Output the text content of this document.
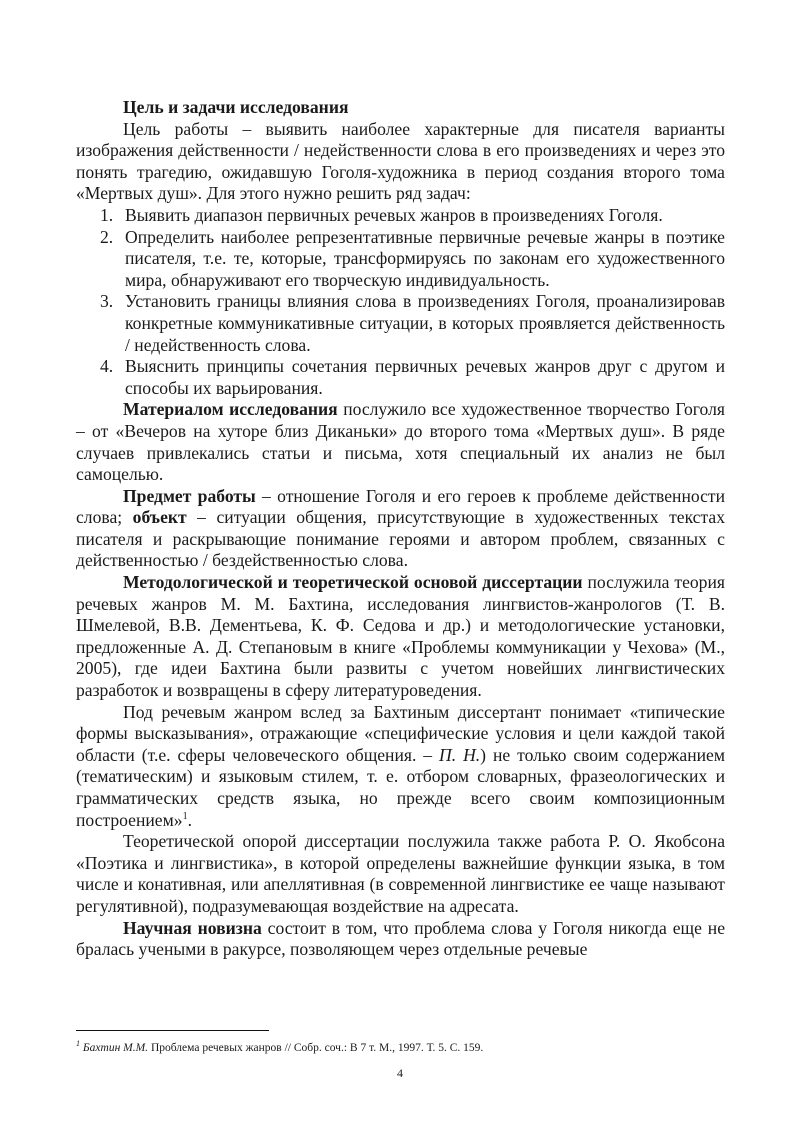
Цель и задачи исследования

Цель работы – выявить наиболее характерные для писателя варианты изображения действенности / недейственности слова в его произведениях и через это понять трагедию, ожидавшую Гоголя-художника в период создания второго тома «Мертвых душ». Для этого нужно решить ряд задач:

1. Выявить диапазон первичных речевых жанров в произведениях Гоголя.
2. Определить наиболее репрезентативные первичные речевые жанры в поэтике писателя, т.е. те, которые, трансформируясь по законам его художественного мира, обнаруживают его творческую индивидуальность.
3. Установить границы влияния слова в произведениях Гоголя, проанализировав конкретные коммуникативные ситуации, в которых проявляется действенность / недейственность слова.
4. Выяснить принципы сочетания первичных речевых жанров друг с другом и способы их варьирования.

Материалом исследования послужило все художественное творчество Гоголя – от «Вечеров на хуторе близ Диканьки» до второго тома «Мертвых душ». В ряде случаев привлекались статьи и письма, хотя специальный их анализ не был самоцелью.

Предмет работы – отношение Гоголя и его героев к проблеме действенности слова; объект – ситуации общения, присутствующие в художественных текстах писателя и раскрывающие понимание героями и автором проблем, связанных с действенностью / бездейственностью слова.

Методологической и теоретической основой диссертации послужила теория речевых жанров М. М. Бахтина, исследования лингвистов-жанрологов (Т. В. Шмелевой, В.В. Дементьева, К. Ф. Седова и др.) и методологические установки, предложенные А. Д. Степановым в книге «Проблемы коммуникации у Чехова» (М., 2005), где идеи Бахтина были развиты с учетом новейших лингвистических разработок и возвращены в сферу литературоведения.

Под речевым жанром вслед за Бахтиным диссертант понимает «типические формы высказывания», отражающие «специфические условия и цели каждой такой области (т.е. сферы человеческого общения. – П. Н.) не только своим содержанием (тематическим) и языковым стилем, т. е. отбором словарных, фразеологических и грамматических средств языка, но прежде всего своим композиционным построением»$^1$.

Теоретической опорой диссертации послужила также работа Р. О. Якобсона «Поэтика и лингвистика», в которой определены важнейшие функции языка, в том числе и конативная, или апеллятивная (в современной лингвистике ее чаще называют регулятивной), подразумевающая воздействие на адресата.

Научная новизна состоит в том, что проблема слова у Гоголя никогда еще не бралась учеными в ракурсе, позволяющем через отдельные речевые

$^1$ Бахтин М.М. Проблема речевых жанров // Собр. соч.: В 7 т. М., 1997. Т. 5. С. 159.
4
